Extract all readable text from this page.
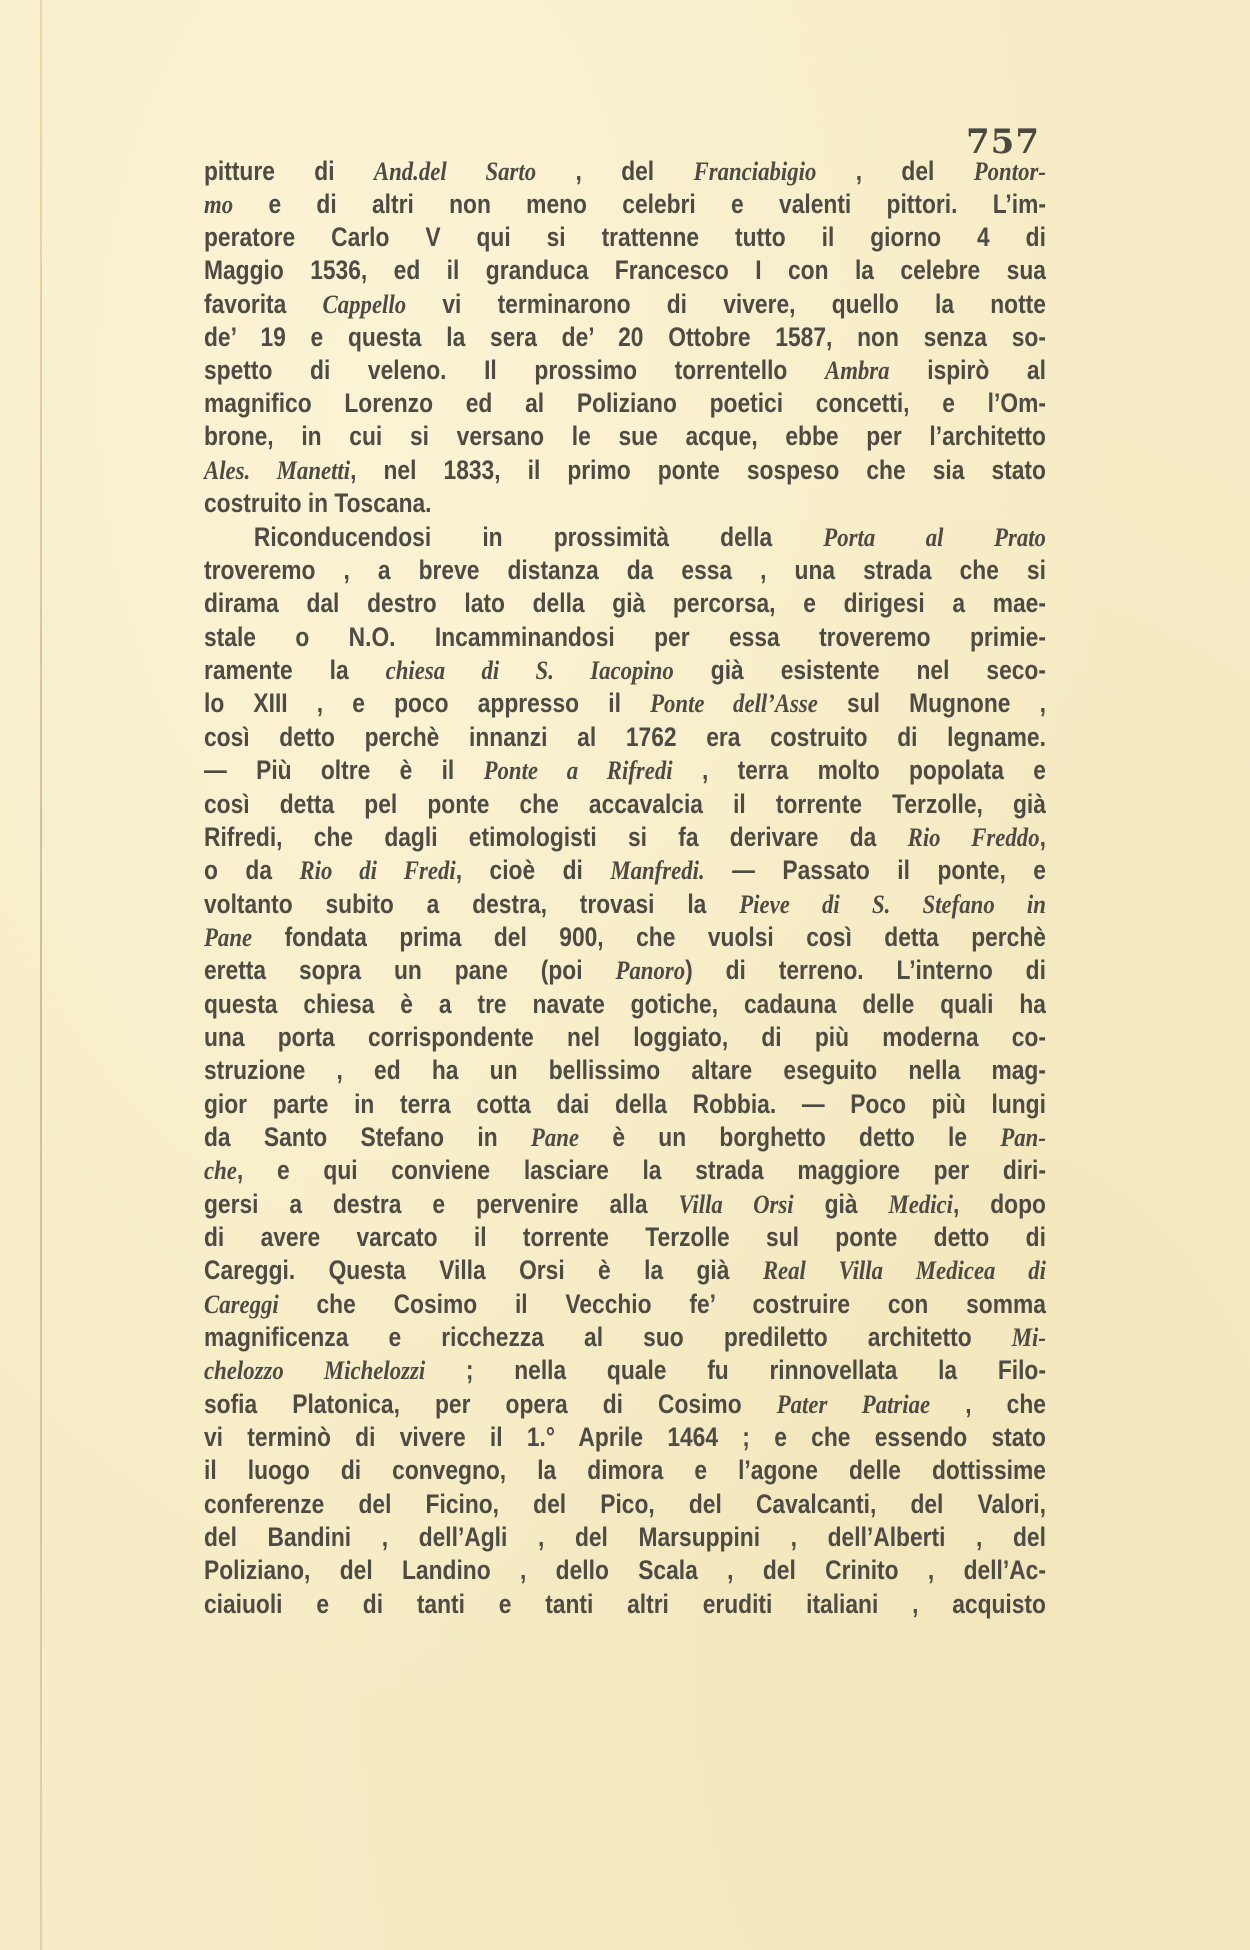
757
pitture di And.del Sarto , del Franciabigio , del Pontor-
mo e di altri non meno celebri e valenti pittori. L’im-
peratore Carlo V qui si trattenne tutto il giorno 4 di
Maggio 1536, ed il granduca Francesco I con la celebre sua
favorita Cappello vi terminarono di vivere, quello la notte
de’ 19 e questa la sera de’ 20 Ottobre 1587, non senza so-
spetto di veleno. Il prossimo torrentello Ambra ispirò al
magnifico Lorenzo ed al Poliziano poetici concetti, e l’Om-
brone, in cui si versano le sue acque, ebbe per l’architetto
Ales. Manetti, nel 1833, il primo ponte sospeso che sia stato
costruito in Toscana.
Riconducendosi in prossimità della Porta al Prato
troveremo , a breve distanza da essa , una strada che si
dirama dal destro lato della già percorsa, e dirigesi a mae-
stale o N.O. Incamminandosi per essa troveremo primie-
ramente la chiesa di S. Iacopino già esistente nel seco-
lo XIII , e poco appresso il Ponte dell’Asse sul Mugnone ,
così detto perchè innanzi al 1762 era costruito di legname.
— Più oltre è il Ponte a Rifredi , terra molto popolata e
così detta pel ponte che accavalcia il torrente Terzolle, già
Rifredi, che dagli etimologisti si fa derivare da Rio Freddo,
o da Rio di Fredi, cioè di Manfredi. — Passato il ponte, e
voltanto subito a destra, trovasi la Pieve di S. Stefano in
Pane fondata prima del 900, che vuolsi così detta perchè
eretta sopra un pane (poi Panoro) di terreno. L’interno di
questa chiesa è a tre navate gotiche, cadauna delle quali ha
una porta corrispondente nel loggiato, di più moderna co-
struzione , ed ha un bellissimo altare eseguito nella mag-
gior parte in terra cotta dai della Robbia. — Poco più lungi
da Santo Stefano in Pane è un borghetto detto le Pan-
che, e qui conviene lasciare la strada maggiore per diri-
gersi a destra e pervenire alla Villa Orsi già Medici, dopo
di avere varcato il torrente Terzolle sul ponte detto di
Careggi. Questa Villa Orsi è la già Real Villa Medicea di
Careggi che Cosimo il Vecchio fe’ costruire con somma
magnificenza e ricchezza al suo prediletto architetto Mi-
chelozzo Michelozzi ; nella quale fu rinnovellata la Filo-
sofia Platonica, per opera di Cosimo Pater Patriae , che
vi terminò di vivere il 1.° Aprile 1464 ; e che essendo stato
il luogo di convegno, la dimora e l’agone delle dottissime
conferenze del Ficino, del Pico, del Cavalcanti, del Valori,
del Bandini , dell’Agli , del Marsuppini , dell’Alberti , del
Poliziano, del Landino , dello Scala , del Crinito , dell’Ac-
ciaiuoli e di tanti e tanti altri eruditi italiani , acquisto
